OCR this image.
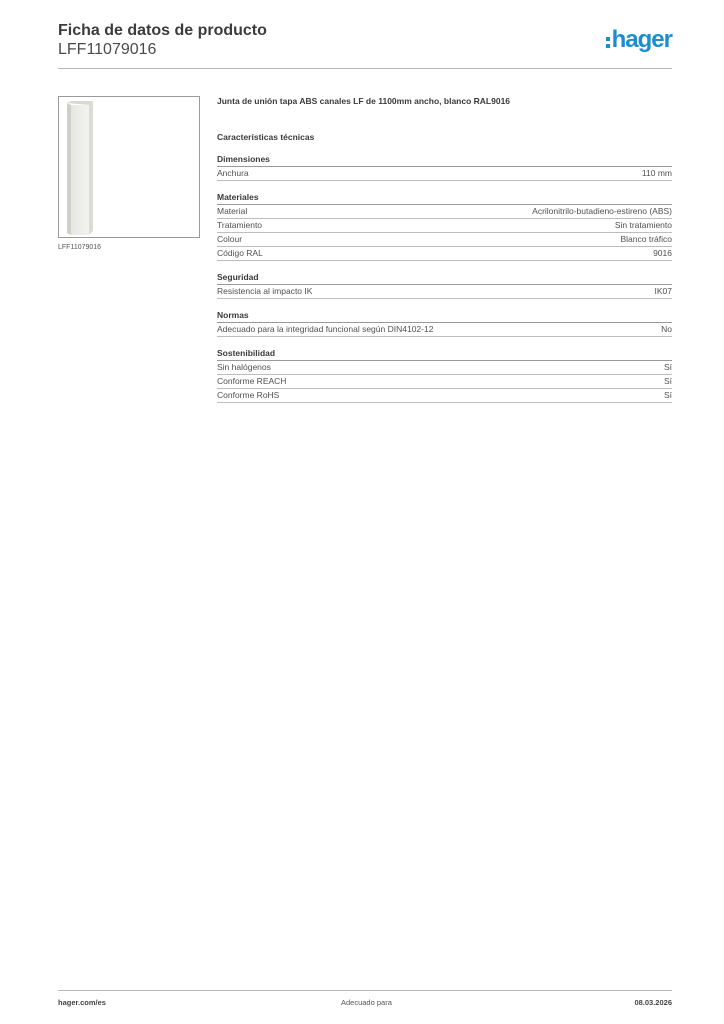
Ficha de datos de producto
LFF11079016	hager
LFF11079016
Junta de unión tapa ABS canales LF de 1100mm ancho, blanco RAL9016
Características técnicas
Dimensiones
Anchura	110 mm
Materiales
Material	Acrilonitrilo-butadieno-estireno (ABS)
Tratamiento	Sin tratamiento
Colour	Blanco tráfico
Código RAL	9016
Seguridad
Resistencia al impacto IK	IK07
Normas
Adecuado para la integridad funcional según DIN4102-12	No
Sostenibilidad
Sin halógenos	Sí
Conforme REACH	Sí
Conforme RoHS	Sí
hager.com/es	Adecuado para	08.03.2026
